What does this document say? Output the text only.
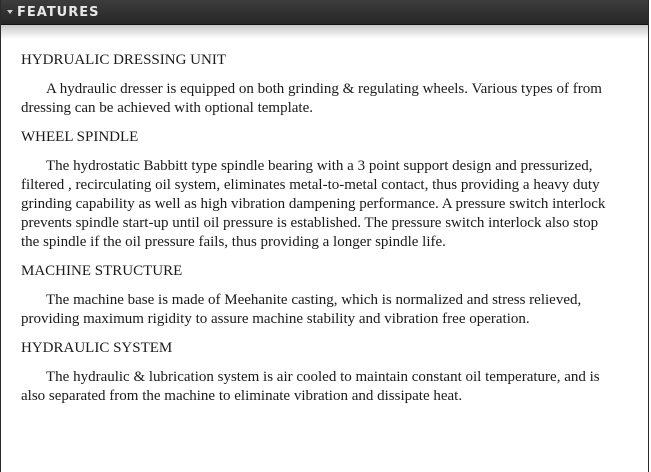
FEATURES

HYDRUALIC DRESSING UNIT

A hydraulic dresser is equipped on both grinding & regulating wheels. Various types of from dressing can be achieved with optional template.

WHEEL SPINDLE

The hydrostatic Babbitt type spindle bearing with a 3 point support design and pressurized, filtered , recirculating oil system, eliminates metal-to-metal contact, thus providing a heavy duty grinding capability as well as high vibration dampening performance. A pressure switch interlock prevents spindle start-up until oil pressure is established. The pressure switch interlock also stop the spindle if the oil pressure fails, thus providing a longer spindle life.

MACHINE STRUCTURE

The machine base is made of Meehanite casting, which is normalized and stress relieved, providing maximum rigidity to assure machine stability and vibration free operation.

HYDRAULIC SYSTEM

The hydraulic & lubrication system is air cooled to maintain constant oil temperature, and is also separated from the machine to eliminate vibration and dissipate heat.
